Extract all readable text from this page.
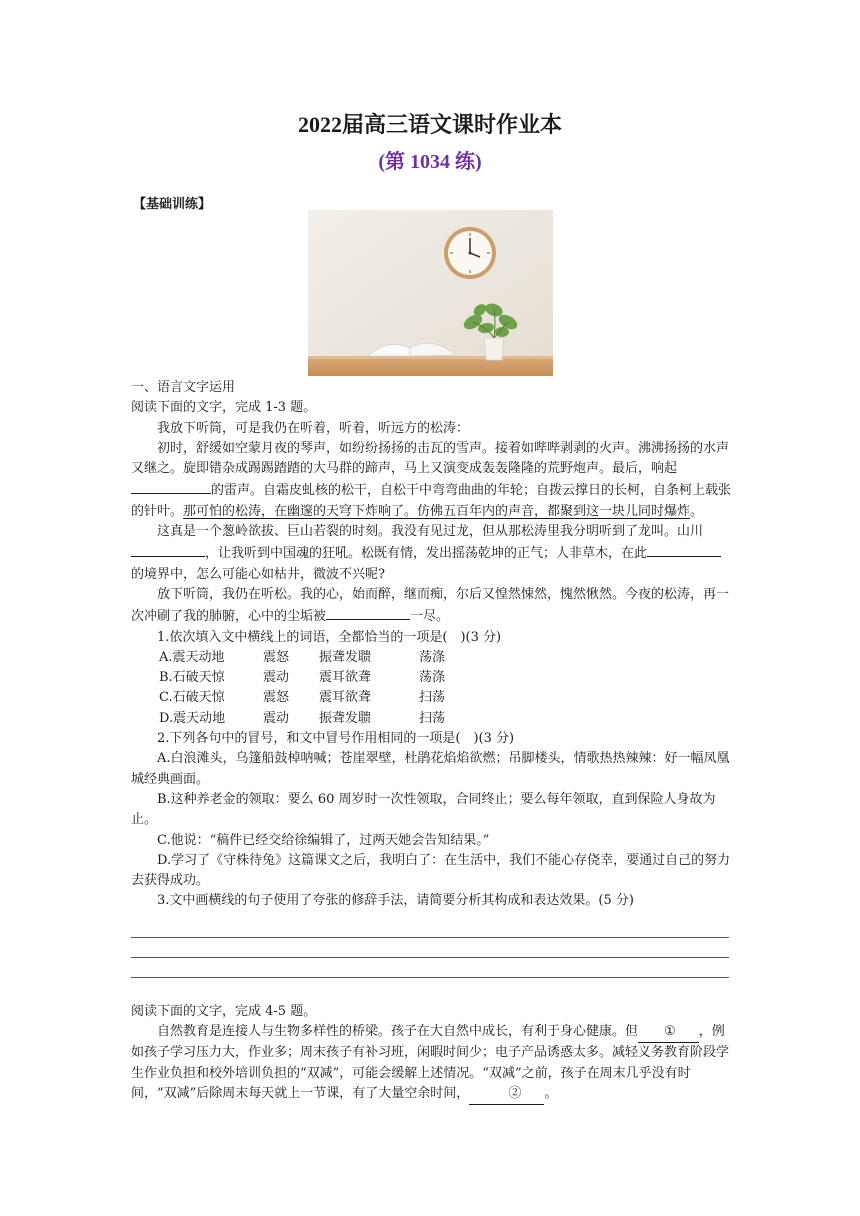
2022届高三语文课时作业本
(第 1034 练)
【基础训练】

一、语言文字运用

阅读下面的文字，完成 1-3 题。

我放下听筒，可是我仍在听着，听着，听远方的松涛：

初时，舒缓如空蒙月夜的琴声，如纷纷扬扬的击瓦的雪声。接着如哔哔剥剥的火声。沸沸扬扬的水声又继之。旋即错杂成踢踢踏踏的大马群的蹄声，马上又演变成轰轰隆隆的荒野炮声。最后，响起的雷声。自霜皮虬核的松干，自松干中弯弯曲曲的年轮；自拨云撑日的长柯，自条柯上载张的针叶。那可怕的松涛，在幽邃的天穹下炸响了。仿佛五百年内的声音，都聚到这一块儿同时爆炸。

这真是一个葱岭欲拔、巨山若裂的时刻。我没有见过龙，但从那松涛里我分明听到了龙叫。山川，让我听到中国魂的狂吼。松既有情，发出摇荡乾坤的正气；人非草木，在此的境界中，怎么可能心如枯井，微波不兴呢?

放下听筒，我仍在听松。我的心，始而醉，继而痴，尔后又惶然悚然，愧然愀然。今夜的松涛，再一次冲刷了我的肺腑，心中的尘垢被	一尽。

1.依次填入文中横线上的词语，全都恰当的一项是(　)(3 分)

A.震天动地	震怒 振聋发聩	荡涤

B.石破天惊	震动 震耳欲聋	荡涤

C.石破天惊	震怒 震耳欲聋	扫荡

D.震天动地	震动 振聋发聩	扫荡

2.下列各句中的冒号，和文中冒号作用相同的一项是(　)(3 分)

A.白浪滩头，乌篷船鼓棹呐喊；苍崖翠壁，杜鹃花焰焰欲燃；吊脚楼头，情歌热热辣辣：好一幅凤凰城经典画面。

B.这种养老金的领取：要么 60 周岁时一次性领取，合同终止；要么每年领取，直到保险人身故为止。

C.他说：“稿件已经交给徐编辑了，过两天她会告知结果。”

D.学习了《守株待兔》这篇课文之后，我明白了：在生活中，我们不能心存侥幸，要通过自己的努力去获得成功。

3.文中画横线的句子使用了夸张的修辞手法，请简要分析其构成和表达效果。(5 分)

阅读下面的文字，完成 4-5 题。

自然教育是连接人与生物多样性的桥梁。孩子在大自然中成长，有利于身心健康。但 ①　 ，例如孩子学习压力大，作业多；周末孩子有补习班，闲暇时间少；电子产品诱惑太多。减轻义务教育阶段学生作业负担和校外培训负担的“双减”，可能会缓解上述情况。“双减”之前，孩子在周末几乎没有时间，“双减”后除周末每天就上一节课，有了大量空余时间，　	②　 。
